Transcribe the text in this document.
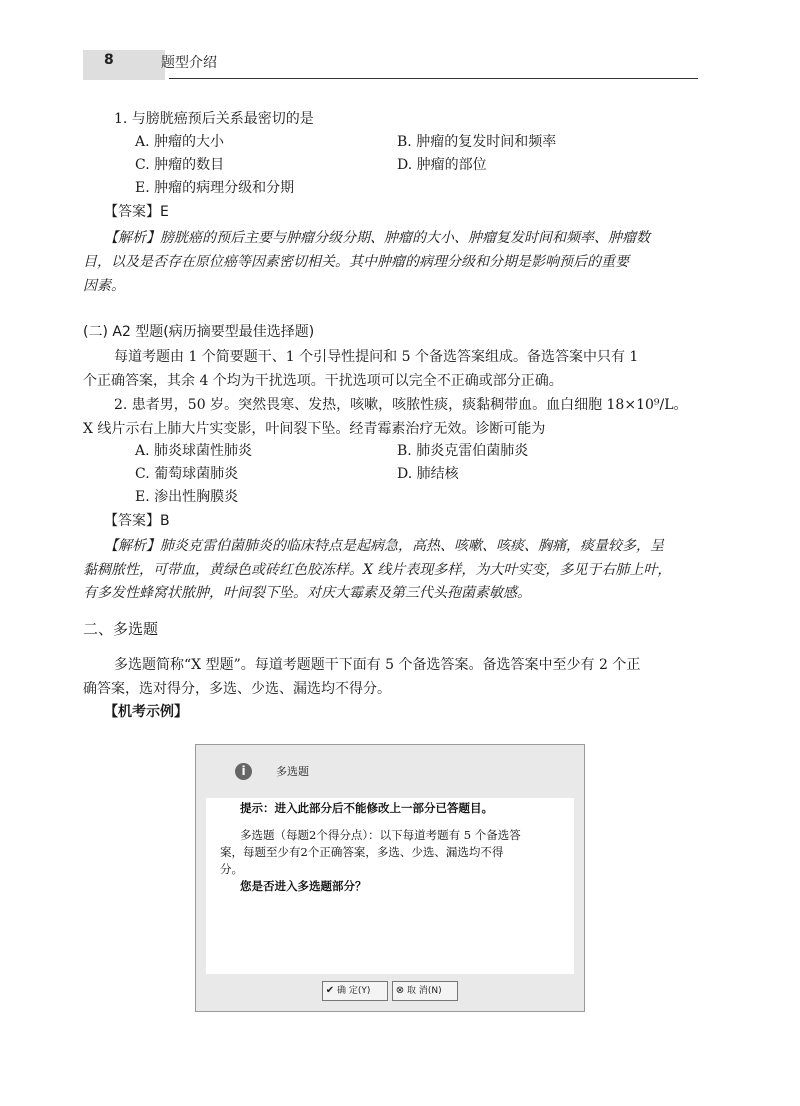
8	题型介绍
1. 与膀胱癌预后关系最密切的是
A. 肿瘤的大小	B. 肿瘤的复发时间和频率
C. 肿瘤的数目	D. 肿瘤的部位
E. 肿瘤的病理分级和分期
【答案】E
【解析】膀胱癌的预后主要与肿瘤分级分期、肿瘤的大小、肿瘤复发时间和频率、肿瘤数
目，以及是否存在原位癌等因素密切相关。其中肿瘤的病理分级和分期是影响预后的重要
因素。
(二) A2 型题(病历摘要型最佳选择题)
每道考题由 1 个简要题干、1 个引导性提问和 5 个备选答案组成。备选答案中只有 1
个正确答案，其余 4 个均为干扰选项。干扰选项可以完全不正确或部分正确。
2. 患者男，50 岁。突然畏寒、发热，咳嗽，咳脓性痰，痰黏稠带血。血白细胞 18×10⁹/L。
X 线片示右上肺大片实变影，叶间裂下坠。经青霉素治疗无效。诊断可能为
A. 肺炎球菌性肺炎	B. 肺炎克雷伯菌肺炎
C. 葡萄球菌肺炎	D. 肺结核
E. 渗出性胸膜炎
【答案】B
【解析】肺炎克雷伯菌肺炎的临床特点是起病急，高热、咳嗽、咳痰、胸痛，痰量较多，呈
黏稠脓性，可带血，黄绿色或砖红色胶冻样。X 线片表现多样，为大叶实变，多见于右肺上叶，
有多发性蜂窝状脓肿，叶间裂下坠。对庆大霉素及第三代头孢菌素敏感。
二、多选题
多选题简称“X 型题”。每道考题题干下面有 5 个备选答案。备选答案中至少有 2 个正
确答案，选对得分，多选、少选、漏选均不得分。
【机考示例】
i	多选题
提示：进入此部分后不能修改上一部分已答题目。
多选题（每题2个得分点）：以下每道考题有 5 个备选答
案，每题至少有2个正确答案，多选、少选、漏选均不得
分。
您是否进入多选题部分？
✔ 确 定(Y)	⊗ 取 消(N)
